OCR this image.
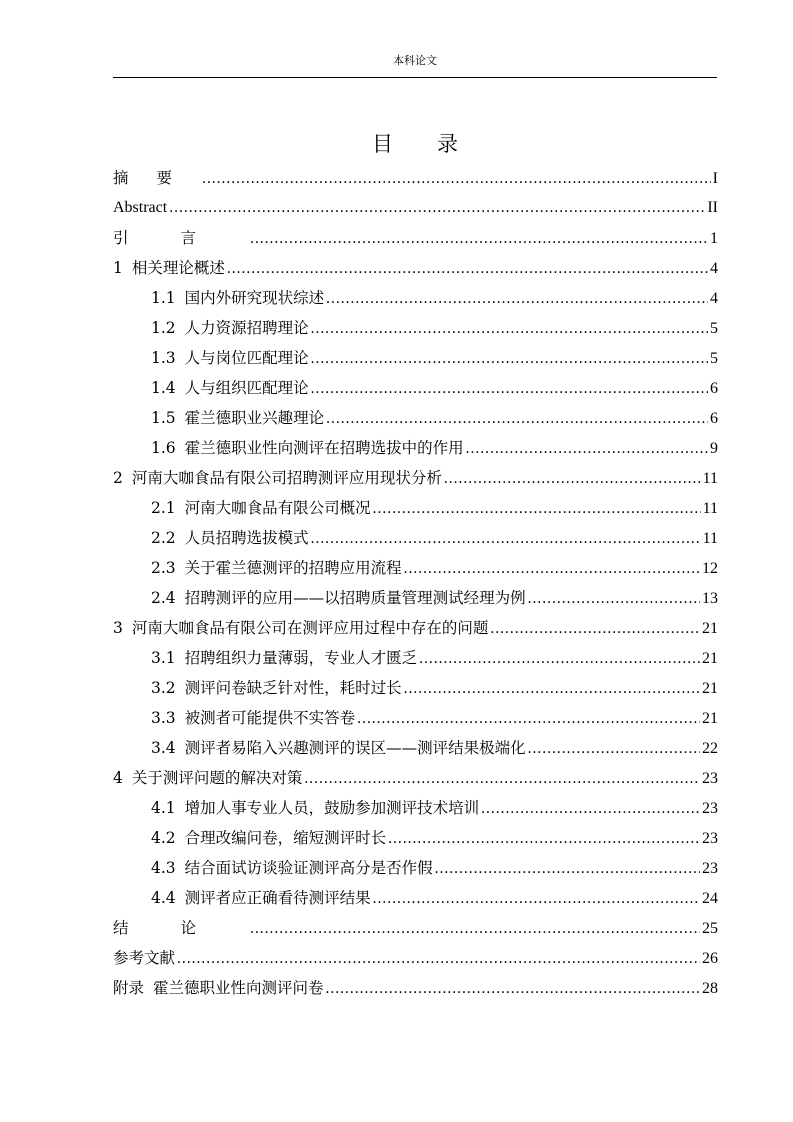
本科论文
目 录
摘要 .....	I
Abstract .....	II
引言 .....	1
1 相关理论概述 .....	4
1.1 国内外研究现状综述 .....	4
1.2 人力资源招聘理论 .....	5
1.3 人与岗位匹配理论 .....	5
1.4 人与组织匹配理论 .....	6
1.5 霍兰德职业兴趣理论 .....	6
1.6 霍兰德职业性向测评在招聘选拔中的作用 .....	9
2 河南大咖食品有限公司招聘测评应用现状分析 .....	11
2.1 河南大咖食品有限公司概况 .....	11
2.2 人员招聘选拔模式 .....	11
2.3 关于霍兰德测评的招聘应用流程 .....	12
2.4 招聘测评的应用——以招聘质量管理测试经理为例 .....	13
3 河南大咖食品有限公司在测评应用过程中存在的问题 .....	21
3.1 招聘组织力量薄弱，专业人才匮乏 .....	21
3.2 测评问卷缺乏针对性，耗时过长 .....	21
3.3 被测者可能提供不实答卷 .....	21
3.4 测评者易陷入兴趣测评的误区——测评结果极端化 .....	22
4 关于测评问题的解决对策 .....	23
4.1 增加人事专业人员，鼓励参加测评技术培训 .....	23
4.2 合理改编问卷，缩短测评时长 .....	23
4.3 结合面试访谈验证测评高分是否作假 .....	23
4.4 测评者应正确看待测评结果 .....	24
结论 .....	25
参考文献 .....	26
附录 霍兰德职业性向测评问卷 .....	28
